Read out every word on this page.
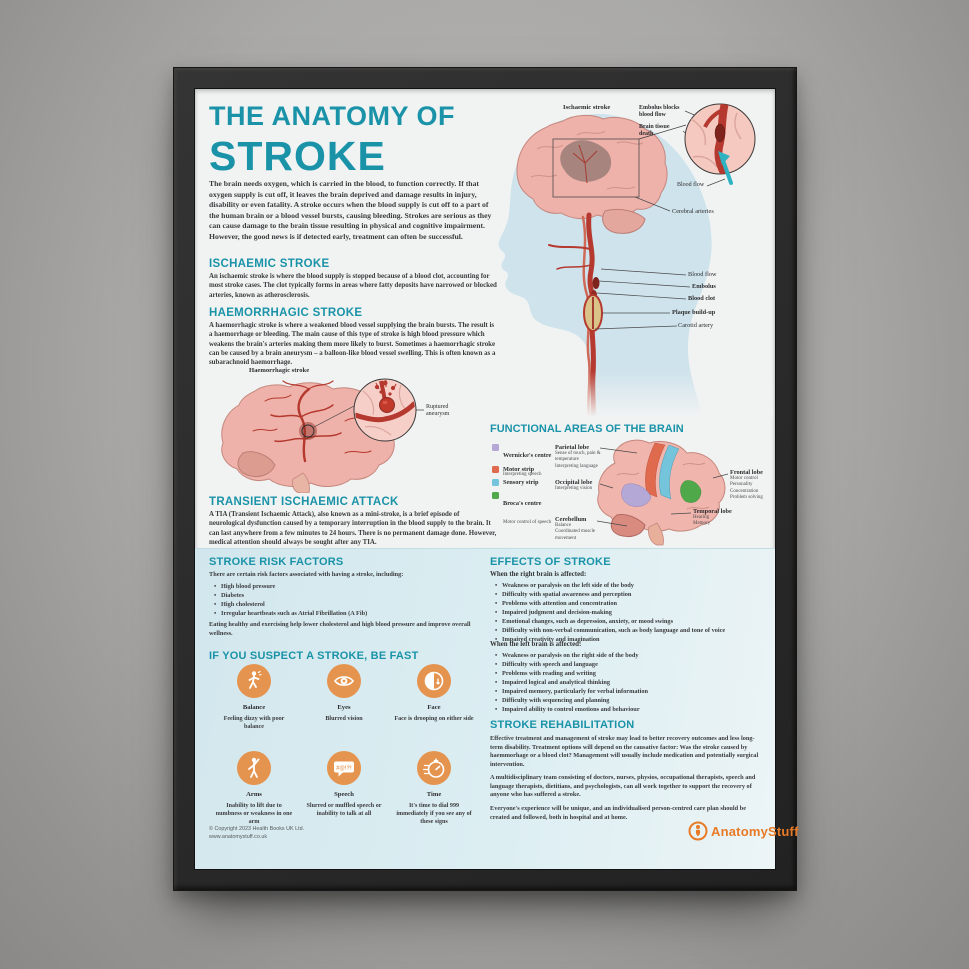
THE ANATOMY OF
STROKE
The brain needs oxygen, which is carried in the blood, to function correctly. If that oxygen supply is cut off, it leaves the brain deprived and damage results in injury, disability or even fatality. A stroke occurs when the blood supply is cut off to a part of the human brain or a blood vessel bursts, causing bleeding. Strokes are serious as they can cause damage to the brain tissue resulting in physical and cognitive impairment. However, the good news is if detected early, treatment can often be successful.
ISCHAEMIC STROKE
An ischaemic stroke is where the blood supply is stopped because of a blood clot, accounting for most stroke cases. The clot typically forms in areas where fatty deposits have narrowed or blocked arteries, known as atherosclerosis.
HAEMORRHAGIC STROKE
A haemorrhagic stroke is where a weakened blood vessel supplying the brain bursts. The result is a haemorrhage or bleeding. The main cause of this type of stroke is high blood pressure which weakens the brain's arteries making them more likely to burst. Sometimes a haemorrhagic stroke can be caused by a brain aneurysm – a balloon-like blood vessel swelling. This is often known as a subarachnoid haemorrhage.
Haemorrhagic stroke
Ruptured aneurysm
TRANSIENT ISCHAEMIC ATTACK
A TIA (Transient Ischaemic Attack), also known as a mini-stroke, is a brief episode of neurological dysfunction caused by a temporary interruption in the blood supply to the brain. It can last anywhere from a few minutes to 24 hours. There is no permanent damage done. However, medical attention should always be sought after any TIA.
Ischaemic stroke	Embolus blocks blood flow
Brain tissue death
Blood flow
Cerebral arteries
Blood flow
Embolus
Blood clot
Plaque build-up
Carotid artery
FUNCTIONAL AREAS OF THE BRAIN
Wernicke's centre
Interpreting speech
Motor strip
Sensory strip
Broca's centre
Motor control of speech
Parietal lobe
Sense of touch, pain & temperature
Interpreting language
Occipital lobe
Interpreting vision
Cerebellum
Balance
Coordinated muscle movement
Frontal lobe
Motor control
Personality
Concentration
Problem solving
Temporal lobe
Hearing
Memory
STROKE RISK FACTORS
There are certain risk factors associated with having a stroke, including:
• High blood pressure
• Diabetes
• High cholesterol
• Irregular heartbeats such as Atrial Fibrillation (A Fib)
Eating healthy and exercising help lower cholesterol and high blood pressure and improve overall wellness.
IF YOU SUSPECT A STROKE, BE FAST
Balance
Feeling dizzy with poor balance
Eyes
Blurred vision
Face
Face is drooping on either side
Arms
Inability to lift due to numbness or weakness in one arm
#@!?!
Speech
Slurred or muffled speech or inability to talk at all
Time
It's time to dial 999 immediately if you see any of these signs
EFFECTS OF STROKE
When the right brain is affected:
• Weakness or paralysis on the left side of the body
• Difficulty with spatial awareness and perception
• Problems with attention and concentration
• Impaired judgment and decision-making
• Emotional changes, such as depression, anxiety, or mood swings
• Difficulty with non-verbal communication, such as body language and tone of voice
• Impaired creativity and imagination
When the left brain is affected:
• Weakness or paralysis on the right side of the body
• Difficulty with speech and language
• Problems with reading and writing
• Impaired logical and analytical thinking
• Impaired memory, particularly for verbal information
• Difficulty with sequencing and planning
• Impaired ability to control emotions and behaviour
STROKE REHABILITATION
Effective treatment and management of stroke may lead to better recovery outcomes and less long-term disability. Treatment options will depend on the causative factor: Was the stroke caused by haemmorhage or a blood clot? Management will usually include medication and potentially surgical intervention.
A multidisciplinary team consisting of doctors, nurses, physios, occupational therapists, speech and language therapists, dietitians, and psychologists, can all work together to support the recovery of anyone who has suffered a stroke.
Everyone's experience will be unique, and an individualised person-centred care plan should be created and followed, both in hospital and at home.
© Copyright 2023 Health Books UK Ltd.
www.anatomystuff.co.uk	AnatomyStuff
